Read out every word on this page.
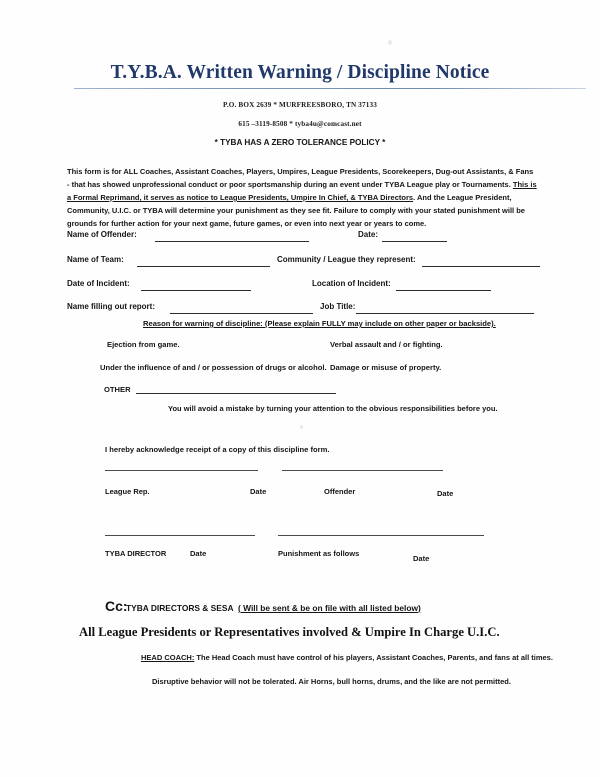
T.Y.B.A. Written Warning / Discipline Notice
P.O. BOX 2639 * MURFREESBORO, TN 37133
615 –3119-8508 * tyba4u@comcast.net
* TYBA HAS A ZERO TOLERANCE POLICY *

This form is for ALL Coaches, Assistant Coaches, Players, Umpires, League Presidents, Scorekeepers, Dug-out Assistants, & Fans - that has showed unprofessional conduct or poor sportsmanship during an event under TYBA League play or Tournaments. This is a Formal Reprimand, it serves as notice to League Presidents, Umpire In Chief, & TYBA Directors. And the League President, Community, U.I.C. or TYBA will determine your punishment as they see fit. Failure to comply with your stated punishment will be grounds for further action for your next game, future games, or even into next year or years to come.

Name of Offender:	Date:
Name of Team:	Community / League they represent:
Date of Incident:	Location of Incident:
Name filling out report:	Job Title:
Reason for warning of discipline: (Please explain FULLY may include on other paper or backside).
Ejection from game.	Verbal assault and / or fighting.
Under the influence of and / or possession of drugs or alcohol. Damage or misuse of property.
OTHER
You will avoid a mistake by turning your attention to the obvious responsibilities before you.
I hereby acknowledge receipt of a copy of this discipline form.
League Rep.	Date	Offender	Date
TYBA DIRECTOR	Date	Punishment as follows
Date
Cc:
TYBA DIRECTORS & SESA ( Will be sent & be on file with all listed below)
All League Presidents or Representatives involved & Umpire In Charge U.I.C.
HEAD COACH: The Head Coach must have control of his players, Assistant Coaches, Parents, and fans at all times.
Disruptive behavior will not be tolerated. Air Horns, bull horns, drums, and the like are not permitted.
